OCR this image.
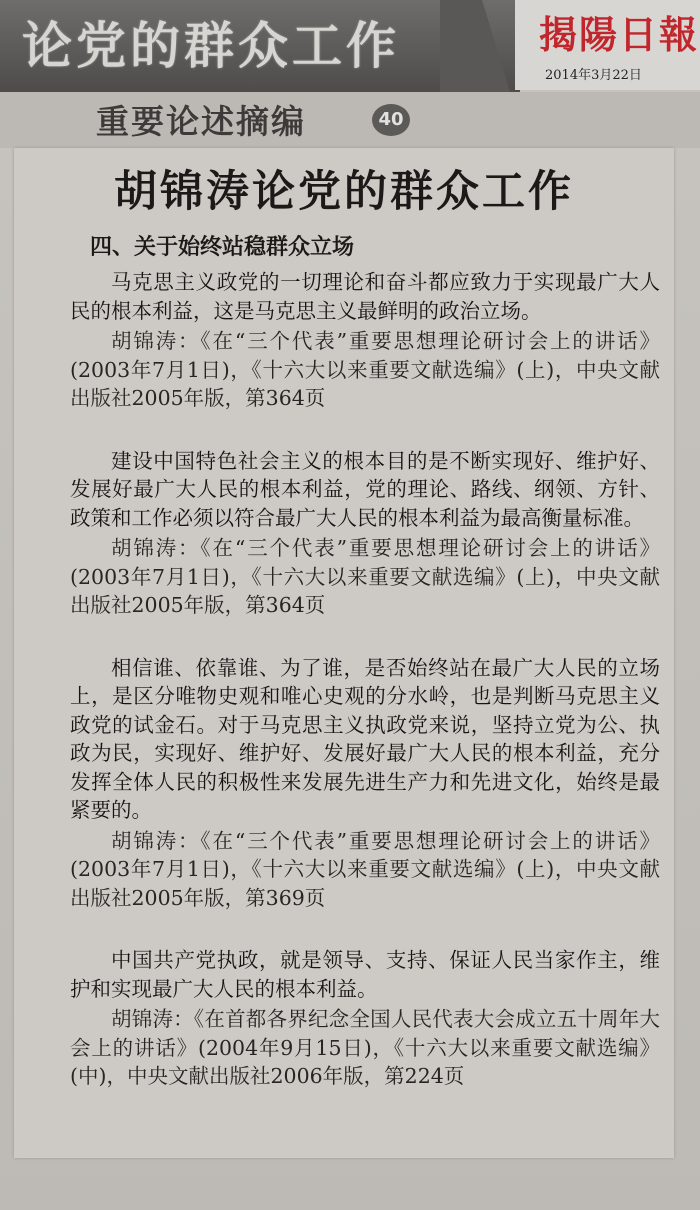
论党的群众工作	揭陽日報
2014年3月22日
重要论述摘编	40
胡锦涛论党的群众工作
四、关于始终站稳群众立场

马克思主义政党的一切理论和奋斗都应致力于实现最广大人民的根本利益，这是马克思主义最鲜明的政治立场。

胡锦涛：《在“三个代表”重要思想理论研讨会上的讲话》(2003年7月1日)，《十六大以来重要文献选编》(上)，中央文献出版社2005年版，第364页

建设中国特色社会主义的根本目的是不断实现好、维护好、发展好最广大人民的根本利益，党的理论、路线、纲领、方针、政策和工作必须以符合最广大人民的根本利益为最高衡量标准。

胡锦涛：《在“三个代表”重要思想理论研讨会上的讲话》(2003年7月1日)，《十六大以来重要文献选编》(上)，中央文献出版社2005年版，第364页

相信谁、依靠谁、为了谁，是否始终站在最广大人民的立场上，是区分唯物史观和唯心史观的分水岭，也是判断马克思主义政党的试金石。对于马克思主义执政党来说，坚持立党为公、执政为民，实现好、维护好、发展好最广大人民的根本利益，充分发挥全体人民的积极性来发展先进生产力和先进文化，始终是最紧要的。

胡锦涛：《在“三个代表”重要思想理论研讨会上的讲话》(2003年7月1日)，《十六大以来重要文献选编》(上)，中央文献出版社2005年版，第369页

中国共产党执政，就是领导、支持、保证人民当家作主，维护和实现最广大人民的根本利益。

胡锦涛：《在首都各界纪念全国人民代表大会成立五十周年大会上的讲话》(2004年9月15日)，《十六大以来重要文献选编》(中)，中央文献出版社2006年版，第224页
